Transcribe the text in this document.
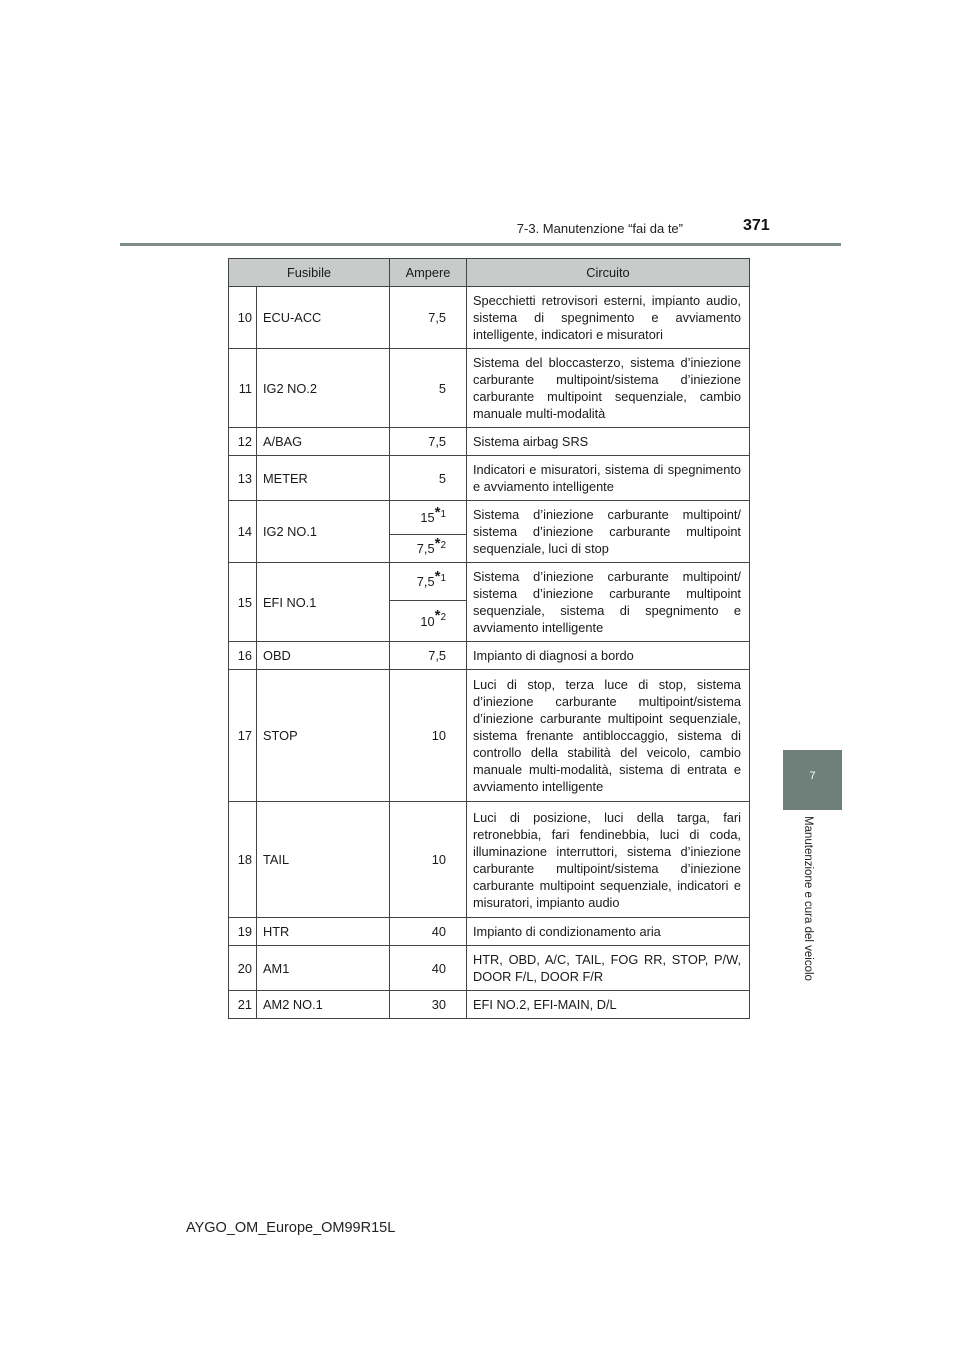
7-3. Manutenzione “fai da te”	371
7
Manutenzione e cura del veicolo
Fusibile		Ampere	Circuito
10	ECU-ACC	7,5	Specchietti retrovisori esterni, impianto audio, sistema di spegnimento e avviamento intelligente, indicatori e misuratori
11	IG2 NO.2	5	Sistema del bloccasterzo, sistema d’iniezione carburante multipoint/sistema d’iniezione carburante multipoint sequenziale, cambio manuale multi-modalità
12	A/BAG	7,5	Sistema airbag SRS
13	METER	5	Indicatori e misuratori, sistema di spegnimento e avviamento intelligente
14	IG2 NO.1	15$^{*1}$	Sistema d’iniezione carburante multipoint/ sistema d’iniezione carburante multipoint sequenziale, luci di stop
		7,5$^{*2}$
15	EFI NO.1	7,5$^{*1}$	Sistema d’iniezione carburante multipoint/ sistema d’iniezione carburante multipoint sequenziale, sistema di spegnimento e avviamento intelligente
		10$^{*2}$
16	OBD	7,5	Impianto di diagnosi a bordo
17	STOP	10	Luci di stop, terza luce di stop, sistema d’iniezione carburante multipoint/sistema d’iniezione carburante multipoint sequenziale, sistema frenante antibloccaggio, sistema di controllo della stabilità del veicolo, cambio manuale multi-modalità, sistema di entrata e avviamento intelligente
18	TAIL	10	Luci di posizione, luci della targa, fari retronebbia, fari fendinebbia, luci di coda, illuminazione interruttori, sistema d’iniezione carburante multipoint/sistema d’iniezione carburante multipoint sequenziale, indicatori e misuratori, impianto audio
19	HTR	40	Impianto di condizionamento aria
20	AM1	40	HTR, OBD, A/C, TAIL, FOG RR, STOP, P/W, DOOR F/L, DOOR F/R
21	AM2 NO.1	30	EFI NO.2, EFI-MAIN, D/L
AYGO_OM_Europe_OM99R15L
